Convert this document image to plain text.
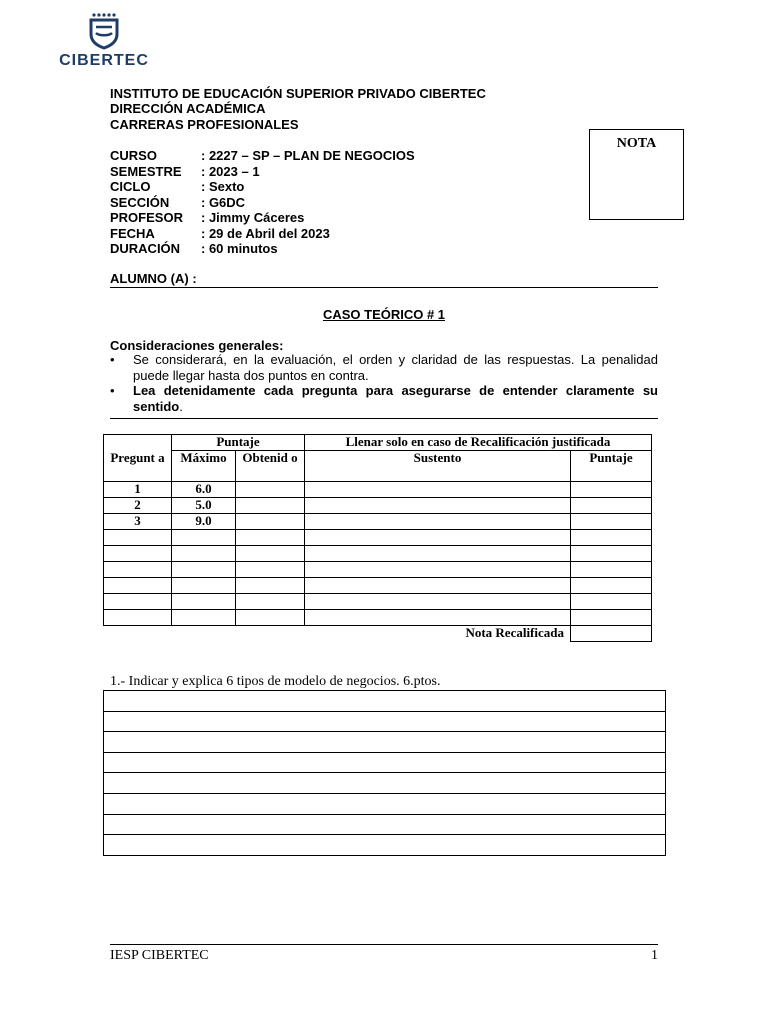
CIBERTEC
INSTITUTO DE EDUCACIÓN SUPERIOR PRIVADO CIBERTEC
DIRECCIÓN ACADÉMICA
CARRERAS PROFESIONALES
CURSO	: 2227 – SP – PLAN DE NEGOCIOS
SEMESTRE	: 2023 – 1
CICLO	: Sexto
SECCIÓN	: G6DC
PROFESOR	: Jimmy Cáceres
FECHA	: 29 de Abril del 2023
DURACIÓN	: 60 minutos
NOTA
ALUMNO (A) :
CASO TEÓRICO # 1
Consideraciones generales:
• Se considerará, en la evaluación, el orden y claridad de las respuestas. La penalidad puede llegar hasta dos puntos en contra.
• Lea detenidamente cada pregunta para asegurarse de entender claramente su sentido.
Pregunt a	Puntaje		Llenar solo en caso de Recalificación justificada	
	Máximo	Obtenid o	Sustento	Puntaje
1	6.0			
2	5.0			
3	9.0			

Nota Recalificada				
1.- Indicar y explica 6 tipos de modelo de negocios. 6.ptos.

IESP CIBERTEC	1
